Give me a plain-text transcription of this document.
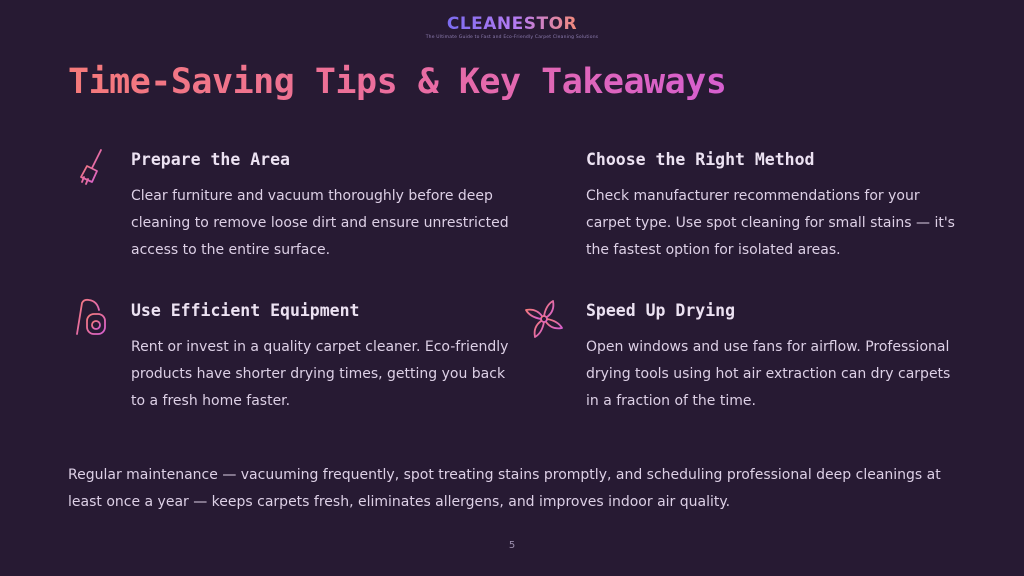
CLEANESTOR
The Ultimate Guide to Fast and Eco-Friendly Carpet Cleaning Solutions
Time-Saving Tips & Key Takeaways
Prepare the Area

Clear furniture and vacuum thoroughly before deep cleaning to remove loose dirt and ensure unrestricted access to the entire surface.

Choose the Right Method

Check manufacturer recommendations for your carpet type. Use spot cleaning for small stains — it's the fastest option for isolated areas.

Use Efficient Equipment

Rent or invest in a quality carpet cleaner. Eco-friendly products have shorter drying times, getting you back to a fresh home faster.

Speed Up Drying

Open windows and use fans for airflow. Professional drying tools using hot air extraction can dry carpets in a fraction of the time.

Regular maintenance — vacuuming frequently, spot treating stains promptly, and scheduling professional deep cleanings at least once a year — keeps carpets fresh, eliminates allergens, and improves indoor air quality.

5
